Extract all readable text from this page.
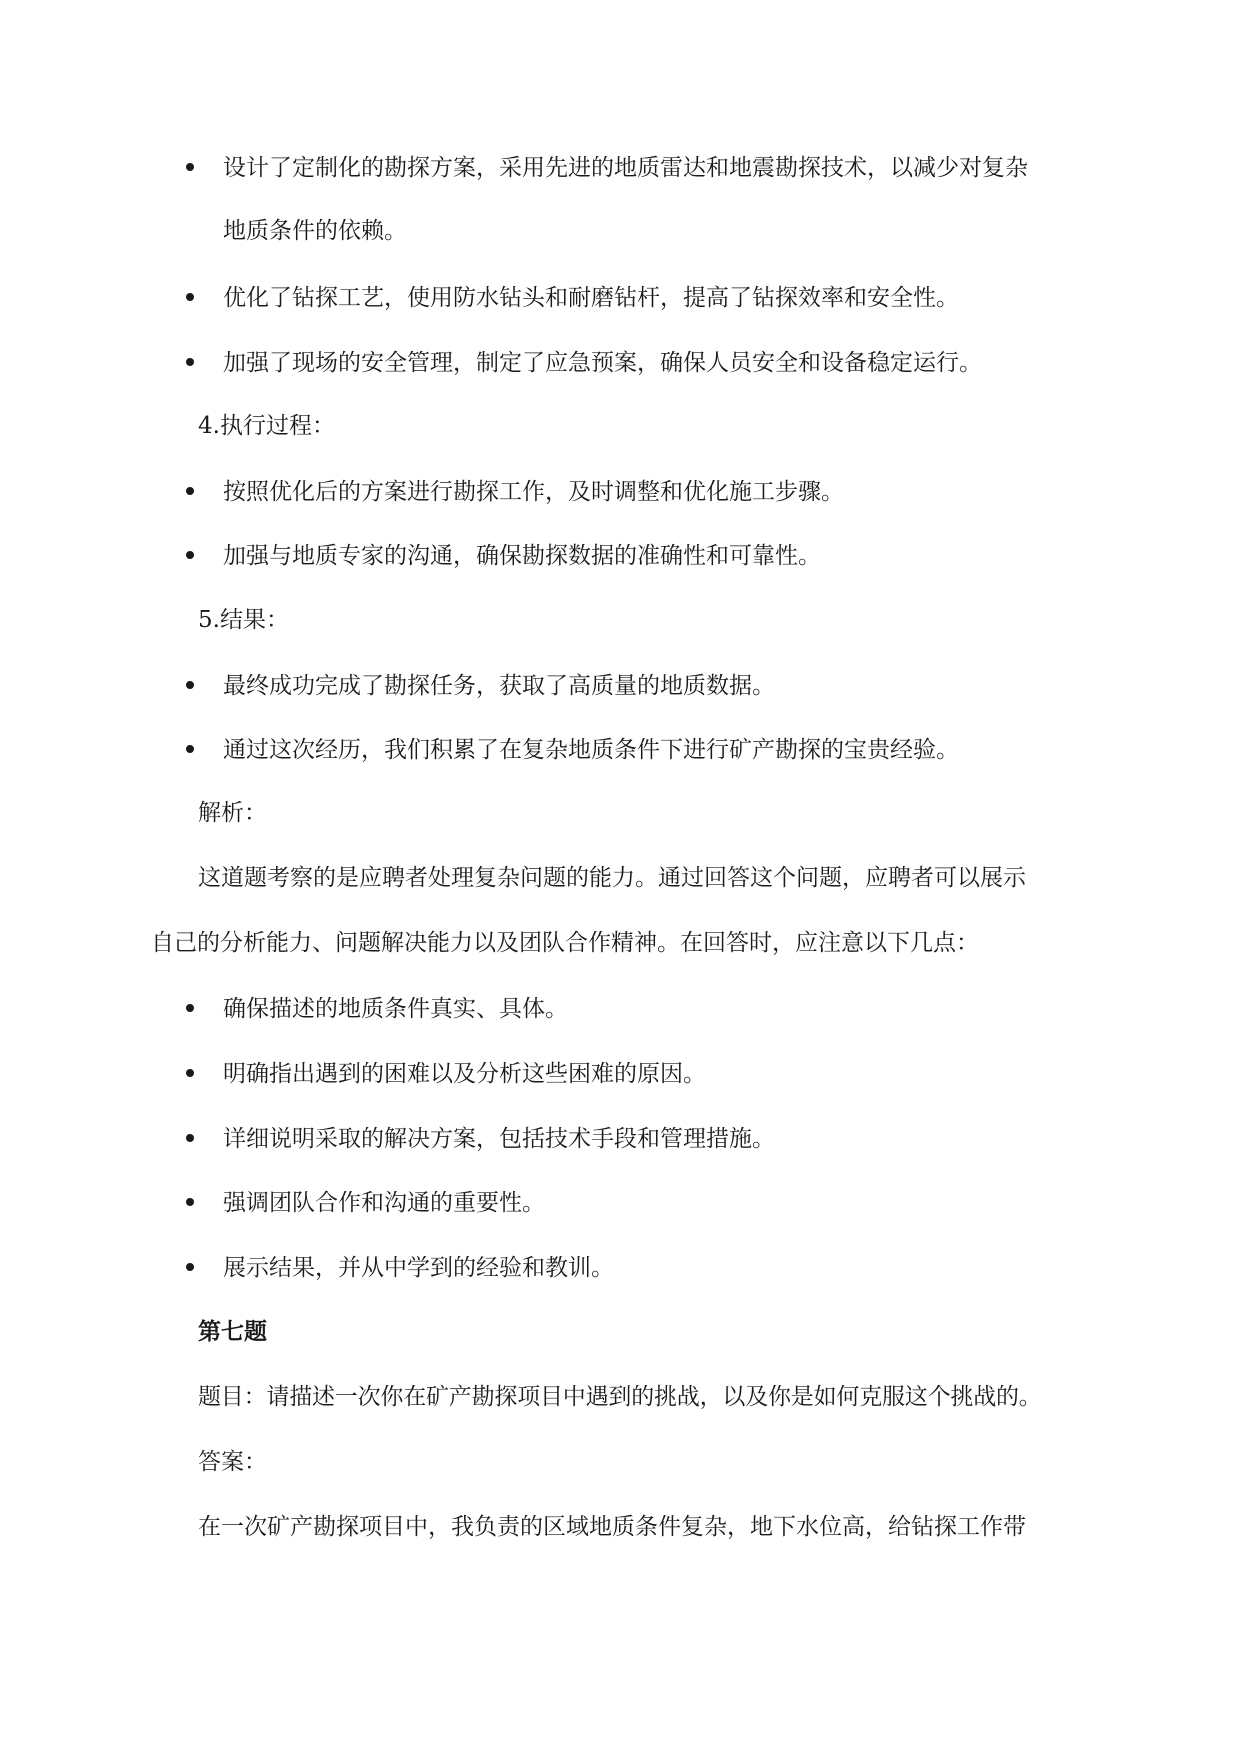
设计了定制化的勘探方案，采用先进的地质雷达和地震勘探技术，以减少对复杂
地质条件的依赖。
优化了钻探工艺，使用防水钻头和耐磨钻杆，提高了钻探效率和安全性。
加强了现场的安全管理，制定了应急预案，确保人员安全和设备稳定运行。
4.执行过程：
按照优化后的方案进行勘探工作，及时调整和优化施工步骤。
加强与地质专家的沟通，确保勘探数据的准确性和可靠性。
5.结果：
最终成功完成了勘探任务，获取了高质量的地质数据。
通过这次经历，我们积累了在复杂地质条件下进行矿产勘探的宝贵经验。
解析：
这道题考察的是应聘者处理复杂问题的能力。通过回答这个问题，应聘者可以展示
自己的分析能力、问题解决能力以及团队合作精神。在回答时，应注意以下几点：
确保描述的地质条件真实、具体。
明确指出遇到的困难以及分析这些困难的原因。
详细说明采取的解决方案，包括技术手段和管理措施。
强调团队合作和沟通的重要性。
展示结果，并从中学到的经验和教训。
第七题
题目：请描述一次你在矿产勘探项目中遇到的挑战，以及你是如何克服这个挑战的。
答案：
在一次矿产勘探项目中，我负责的区域地质条件复杂，地下水位高，给钻探工作带
